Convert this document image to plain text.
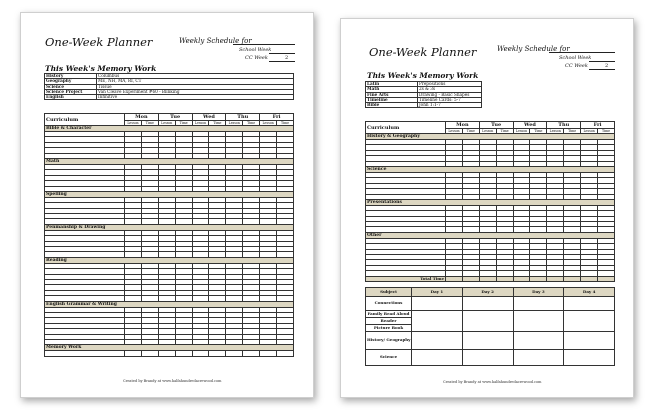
One-Week Planner	Weekly Schedule for
School Week
CC Week	2
This Week's Memory Work
History	Columbus
Geography	ME, NH, MA, RI, CT
Science	Tissue
Science Project	Van Cleave Experiment #60 - Blinking
English	Infinitive
Curriculum	Mon		Tue		Wed		Thu		Fri	
	Lesson	Time	Lesson	Time	Lesson	Time	Lesson	Time	Lesson	Time
Bible & Character										

Math										

Spelling										

Penmanship & Drawing										

Reading										

English Grammar & Writing										

Memory Work										

Created by Brandy at www.halfahundredacrewood.com
One-Week Planner	Weekly Schedule for
School Week
CC Week	2
This Week's Memory Work
Latin	Prepositions	
Math	2s & 3s	
Fine Arts	Drawing - Basic Shapes	
Timeline	Timeline Cards: 5-7	
Bible	John 1:1-7	
Curriculum	Mon		Tue		Wed		Thu		Fri	
	Lesson	Time	Lesson	Time	Lesson	Time	Lesson	Time	Lesson	Time
History & Geography										

Science										

Presentations										

Other										

Total Time										
Subject	Day 1	Day 2	Day 3	Day 4
Connections				
Family Read Aloud				
Reader				
Picture Book				
History/ Geography				
Science				
Created by Brandy at www.halfahundredacrewood.com
